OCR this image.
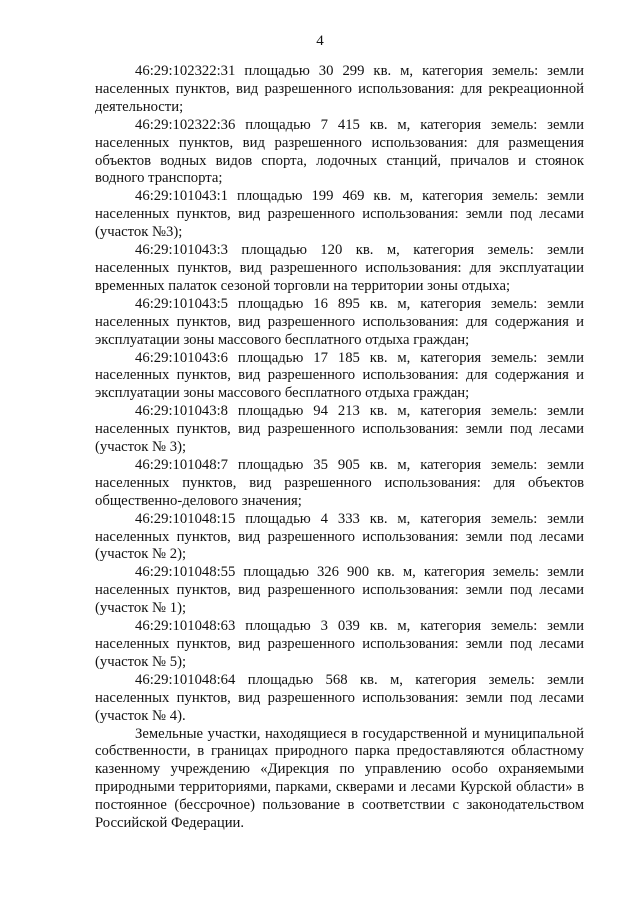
4

46:29:102322:31 площадью 30 299 кв. м, категория земель: земли населенных пунктов, вид разрешенного использования: для рекреационной деятельности;

46:29:102322:36 площадью 7 415 кв. м, категория земель: земли населенных пунктов, вид разрешенного использования: для размещения объектов водных видов спорта, лодочных станций, причалов и стоянок водного транспорта;

46:29:101043:1 площадью 199 469 кв. м, категория земель: земли населенных пунктов, вид разрешенного использования: земли под лесами (участок №3);

46:29:101043:3 площадью 120 кв. м, категория земель: земли населенных пунктов, вид разрешенного использования: для эксплуатации временных палаток сезоной торговли на территории зоны отдыха;

46:29:101043:5 площадью 16 895 кв. м, категория земель: земли населенных пунктов, вид разрешенного использования: для содержания и эксплуатации зоны массового бесплатного отдыха граждан;

46:29:101043:6 площадью 17 185 кв. м, категория земель: земли населенных пунктов, вид разрешенного использования: для содержания и эксплуатации зоны массового бесплатного отдыха граждан;

46:29:101043:8 площадью 94 213 кв. м, категория земель: земли населенных пунктов, вид разрешенного использования: земли под лесами (участок № 3);

46:29:101048:7 площадью 35 905 кв. м, категория земель: земли населенных пунктов, вид разрешенного использования: для объектов общественно-делового значения;

46:29:101048:15 площадью 4 333 кв. м, категория земель: земли населенных пунктов, вид разрешенного использования: земли под лесами (участок № 2);

46:29:101048:55 площадью 326 900 кв. м, категория земель: земли населенных пунктов, вид разрешенного использования: земли под лесами (участок № 1);

46:29:101048:63 площадью 3 039 кв. м, категория земель: земли населенных пунктов, вид разрешенного использования: земли под лесами (участок № 5);

46:29:101048:64 площадью 568 кв. м, категория земель: земли населенных пунктов, вид разрешенного использования: земли под лесами (участок № 4).

Земельные участки, находящиеся в государственной и муниципальной собственности, в границах природного парка предоставляются областному казенному учреждению «Дирекция по управлению особо охраняемыми природными территориями, парками, скверами и лесами Курской области» в постоянное (бессрочное) пользование в соответствии с законодательством Российской Федерации.
